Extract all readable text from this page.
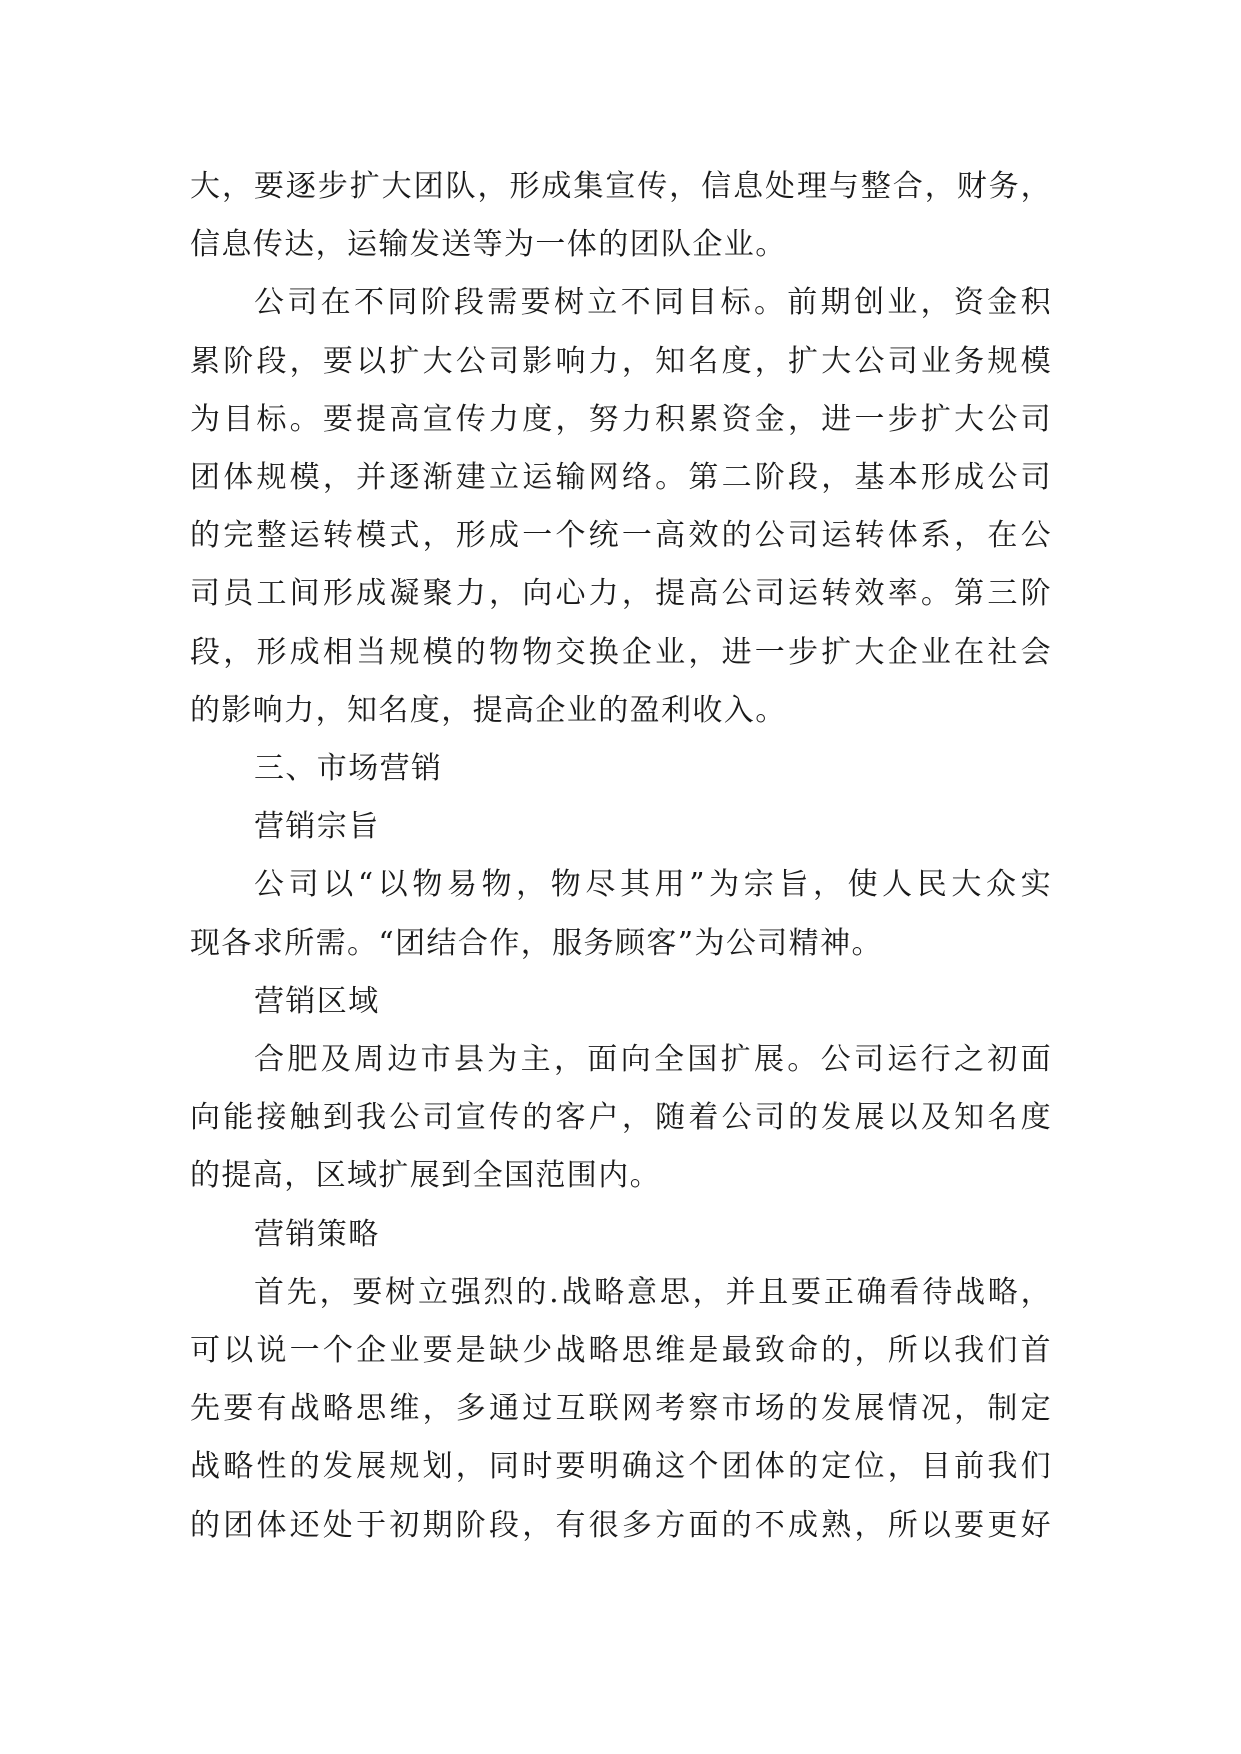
大，要逐步扩大团队，形成集宣传，信息处理与整合，财务，
信息传达，运输发送等为一体的团队企业。
公司在不同阶段需要树立不同目标。前期创业，资金积
累阶段，要以扩大公司影响力，知名度，扩大公司业务规模
为目标。要提高宣传力度，努力积累资金，进一步扩大公司
团体规模，并逐渐建立运输网络。第二阶段，基本形成公司
的完整运转模式，形成一个统一高效的公司运转体系，在公
司员工间形成凝聚力，向心力，提高公司运转效率。第三阶
段，形成相当规模的物物交换企业，进一步扩大企业在社会
的影响力，知名度，提高企业的盈利收入。
三、市场营销
营销宗旨
公司以“以物易物，物尽其用”为宗旨，使人民大众实
现各求所需。“团结合作，服务顾客”为公司精神。
营销区域
合肥及周边市县为主，面向全国扩展。公司运行之初面
向能接触到我公司宣传的客户，随着公司的发展以及知名度
的提高，区域扩展到全国范围内。
营销策略
首先，要树立强烈的.战略意思，并且要正确看待战略，
可以说一个企业要是缺少战略思维是最致命的，所以我们首
先要有战略思维，多通过互联网考察市场的发展情况，制定
战略性的发展规划，同时要明确这个团体的定位，目前我们
的团体还处于初期阶段，有很多方面的不成熟，所以要更好
